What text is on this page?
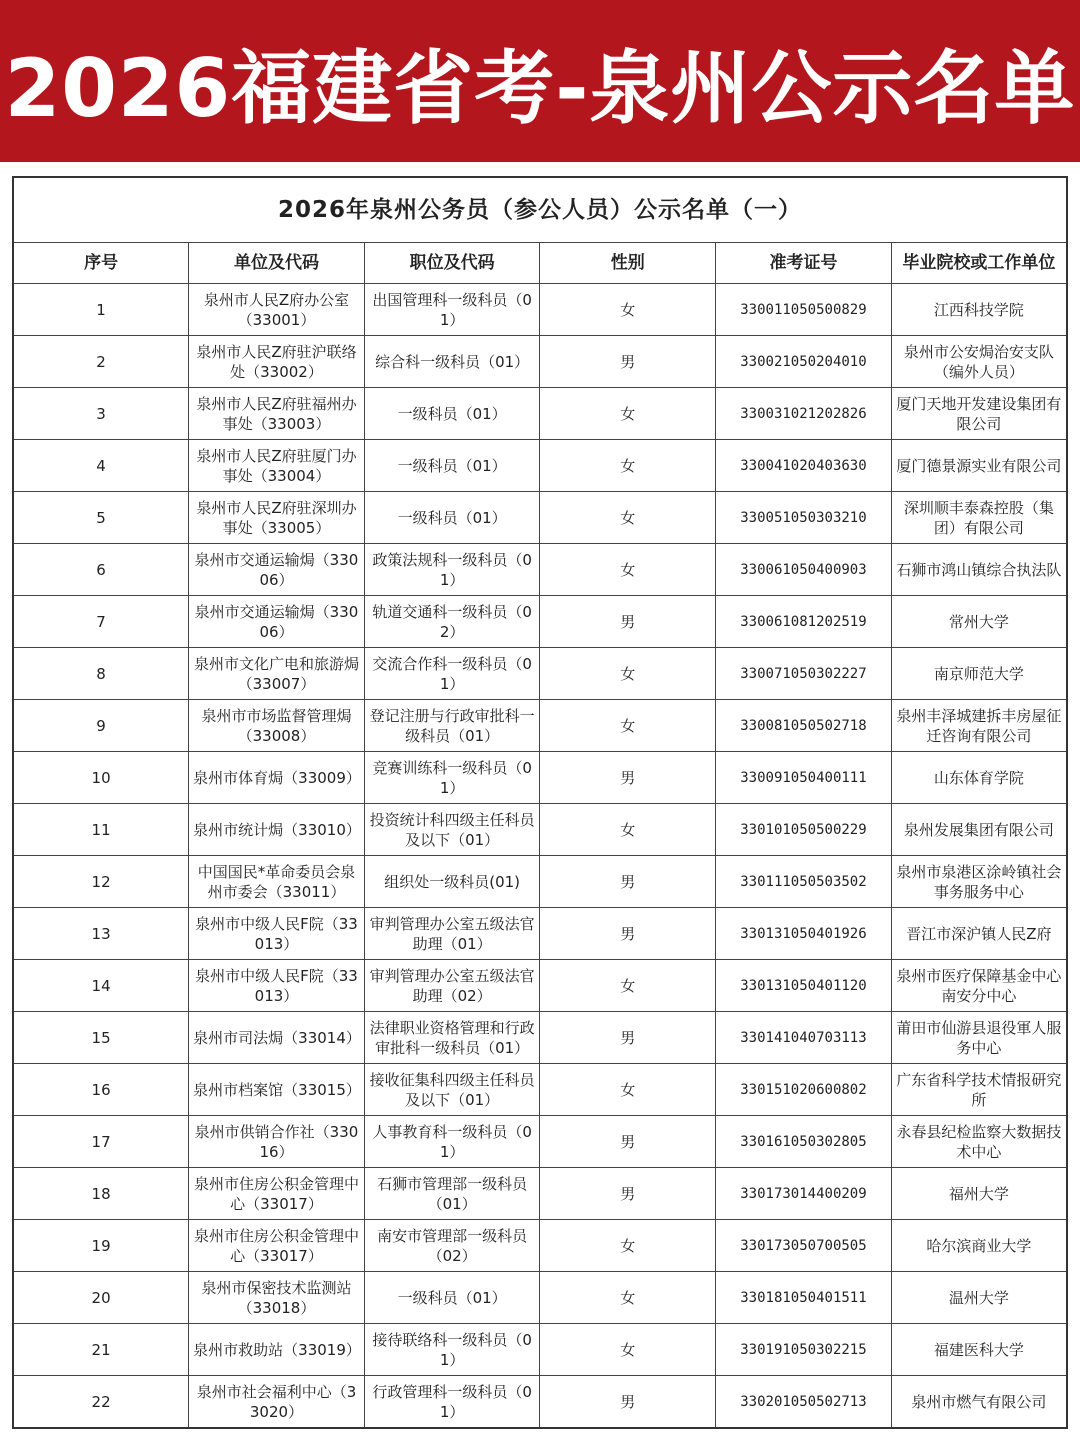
2026福建省考-泉州公示名单
2026年泉州公务员（参公人员）公示名单（一）					
序号	单位及代码	职位及代码	性别	准考证号	毕业院校或工作单位
1	泉州市人民Z府办公室（33001）	出国管理科一级科员（01）	女	330011050500829	江西科技学院
2	泉州市人民Z府驻沪联络处（33002）	综合科一级科员（01）	男	330021050204010	泉州市公安焗治安支队（编外人员）
3	泉州市人民Z府驻福州办事处（33003）	一级科员（01）	女	330031021202826	厦门天地开发建设集团有限公司
4	泉州市人民Z府驻厦门办事处（33004）	一级科员（01）	女	330041020403630	厦门德景源实业有限公司
5	泉州市人民Z府驻深圳办事处（33005）	一级科员（01）	女	330051050303210	深圳顺丰泰森控股（集团）有限公司
6	泉州市交通运输焗（33006）	政策法规科一级科员（01）	女	330061050400903	石狮市鸿山镇综合执法队
7	泉州市交通运输焗（33006）	轨道交通科一级科员（02）	男	330061081202519	常州大学
8	泉州市文化广电和旅游焗（33007）	交流合作科一级科员（01）	女	330071050302227	南京师范大学
9	泉州市市场监督管理焗（33008）	登记注册与行政审批科一级科员（01）	女	330081050502718	泉州丰泽城建拆丰房屋征迁咨询有限公司
10	泉州市体育焗（33009）	竞赛训练科一级科员（01）	男	330091050400111	山东体育学院
11	泉州市统计焗（33010）	投资统计科四级主任科员及以下（01）	女	330101050500229	泉州发展集团有限公司
12	中国国民*革命委员会泉州市委会（33011）	组织处一级科员(01)	男	330111050503502	泉州市泉港区涂岭镇社会事务服务中心
13	泉州市中级人民F院（33013）	审判管理办公室五级法官助理（01）	男	330131050401926	晋江市深沪镇人民Z府
14	泉州市中级人民F院（33013）	审判管理办公室五级法官助理（02）	女	330131050401120	泉州市医疗保障基金中心南安分中心
15	泉州市司法焗（33014）	法律职业资格管理和行政审批科一级科员（01）	男	330141040703113	莆田市仙游县退役軍人服务中心
16	泉州市档案馆（33015）	接收征集科四级主任科员及以下（01）	女	330151020600802	广东省科学技术情报研究所
17	泉州市供销合作社（33016）	人事教育科一级科员（01）	男	330161050302805	永春县纪检监察大数据技术中心
18	泉州市住房公积金管理中心（33017）	石狮市管理部一级科员（01）	男	330173014400209	福州大学
19	泉州市住房公积金管理中心（33017）	南安市管理部一级科员（02）	女	330173050700505	哈尔滨商业大学
20	泉州市保密技术监测站（33018）	一级科员（01）	女	330181050401511	温州大学
21	泉州市救助站（33019）	接待联络科一级科员（01）	女	330191050302215	福建医科大学
22	泉州市社会福利中心（33020）	行政管理科一级科员（01）	男	330201050502713	泉州市燃气有限公司
